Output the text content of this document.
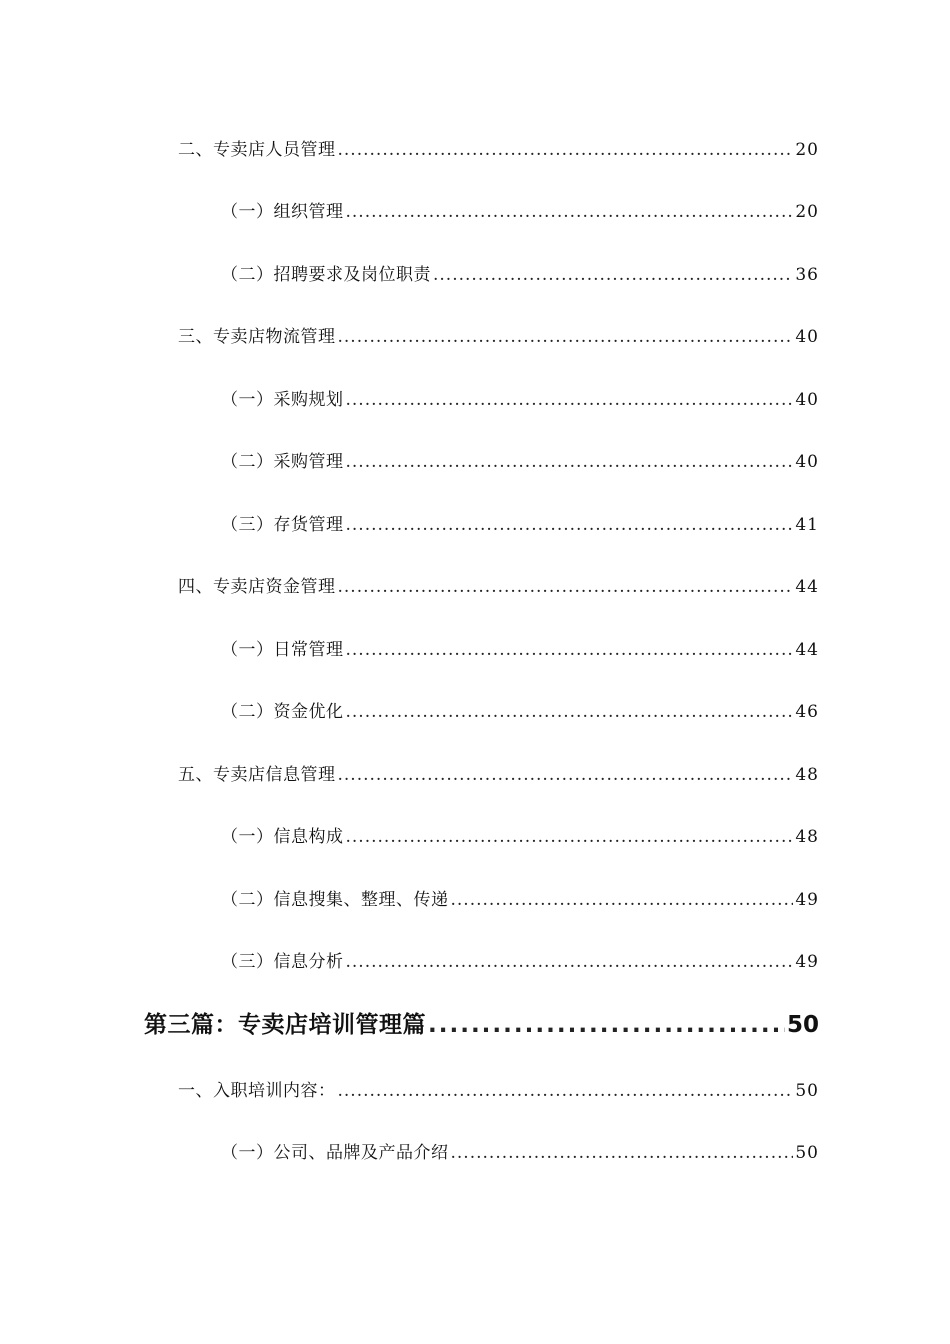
二、专卖店人员管理 .....	20
（一）组织管理 .....	20
（二）招聘要求及岗位职责 .....	36
三、专卖店物流管理 .....	40
（一）采购规划 .....	40
（二）采购管理 .....	40
（三）存货管理 .....	41
四、专卖店资金管理 .....	44
（一）日常管理 .....	44
（二）资金优化 .....	46
五、专卖店信息管理 .....	48
（一）信息构成 .....	48
（二）信息搜集、整理、传递 .....	49
（三）信息分析 .....	49
第三篇：专卖店培训管理篇 .....	50
一、入职培训内容： .....	50
（一）公司、品牌及产品介绍 .....	50
